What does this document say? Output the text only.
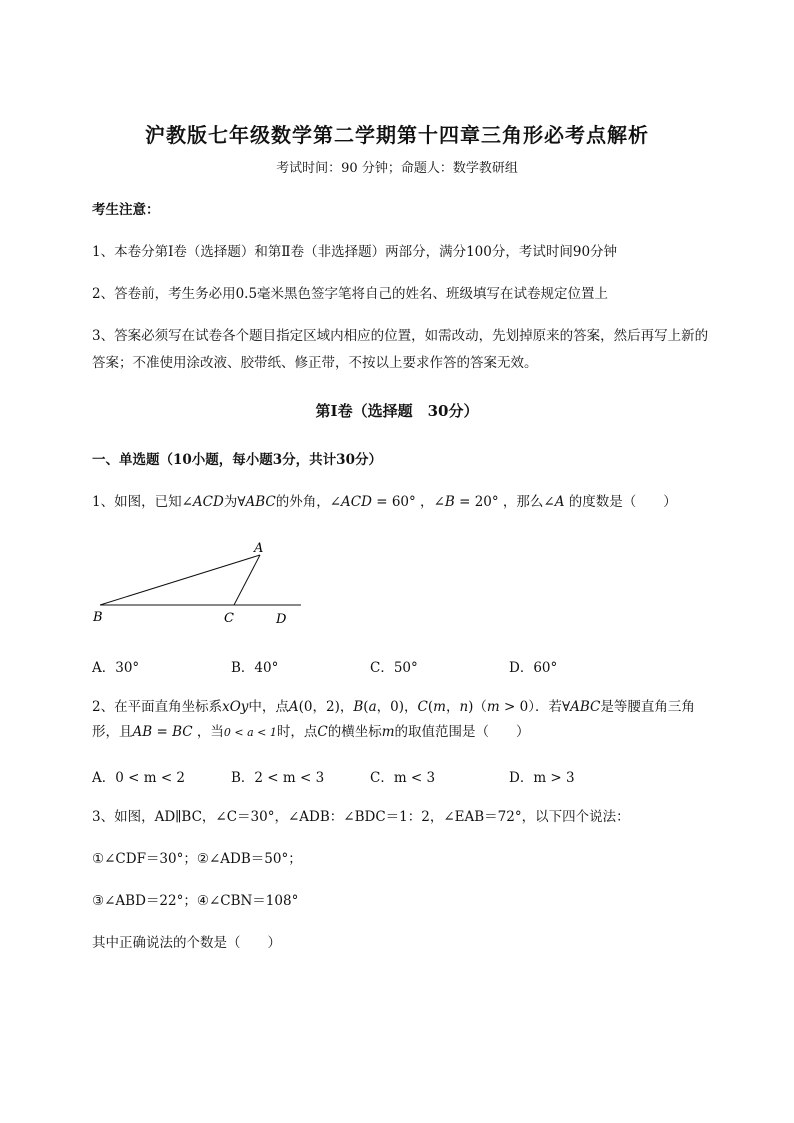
沪教版七年级数学第二学期第十四章三角形必考点解析
考试时间：90 分钟；命题人：数学教研组
考生注意：
1、本卷分第Ⅰ卷（选择题）和第Ⅱ卷（非选择题）两部分，满分100分，考试时间90分钟
2、答卷前，考生务必用0.5毫米黑色签字笔将自己的姓名、班级填写在试卷规定位置上
3、答案必须写在试卷各个题目指定区域内相应的位置，如需改动，先划掉原来的答案，然后再写上新的答案；不准使用涂改液、胶带纸、修正带，不按以上要求作答的答案无效。
第Ⅰ卷（选择题　30分）
一、单选题（10小题，每小题3分，共计30分）
1、如图，已知∠ACD为∀ABC的外角，∠ACD = 60° ，∠B = 20° ，那么∠A 的度数是（　　）
A
B	C	D
A．30°	B．40°	C．50°	D．60°
2、在平面直角坐标系xOy中，点A(0，2)，B(a，0)，C(m，n)（m > 0）．若∀ABC是等腰直角三角
形，且AB = BC ，当0 < a < 1时，点C的横坐标m的取值范围是（　　）
A．0 < m < 2	B．2 < m < 3	C．m < 3	D．m > 3
3、如图，AD∥BC，∠C＝30°，∠ADB：∠BDC＝1：2，∠EAB＝72°，以下四个说法：
①∠CDF＝30°；②∠ADB＝50°；
③∠ABD＝22°；④∠CBN＝108°
其中正确说法的个数是（　　）
